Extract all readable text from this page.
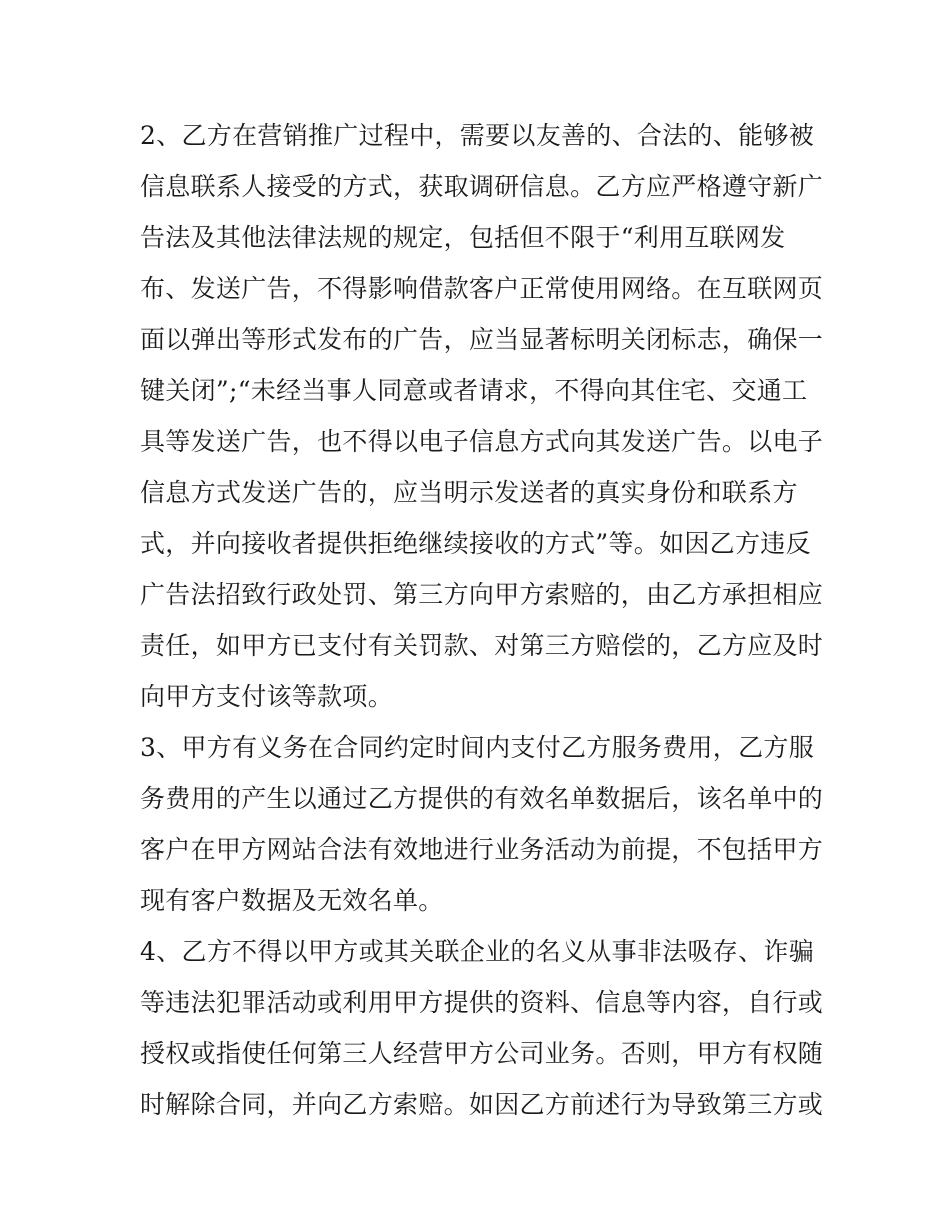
2、乙方在营销推广过程中，需要以友善的、合法的、能够被
信息联系人接受的方式，获取调研信息。乙方应严格遵守新广
告法及其他法律法规的规定，包括但不限于“利用互联网发
布、发送广告，不得影响借款客户正常使用网络。在互联网页
面以弹出等形式发布的广告，应当显著标明关闭标志，确保一
键关闭”;“未经当事人同意或者请求，不得向其住宅、交通工
具等发送广告，也不得以电子信息方式向其发送广告。以电子
信息方式发送广告的，应当明示发送者的真实身份和联系方
式，并向接收者提供拒绝继续接收的方式”等。如因乙方违反
广告法招致行政处罚、第三方向甲方索赔的，由乙方承担相应
责任，如甲方已支付有关罚款、对第三方赔偿的，乙方应及时
向甲方支付该等款项。
3、甲方有义务在合同约定时间内支付乙方服务费用，乙方服
务费用的产生以通过乙方提供的有效名单数据后，该名单中的
客户在甲方网站合法有效地进行业务活动为前提，不包括甲方
现有客户数据及无效名单。
4、乙方不得以甲方或其关联企业的名义从事非法吸存、诈骗
等违法犯罪活动或利用甲方提供的资料、信息等内容，自行或
授权或指使任何第三人经营甲方公司业务。否则，甲方有权随
时解除合同，并向乙方索赔。如因乙方前述行为导致第三方或
